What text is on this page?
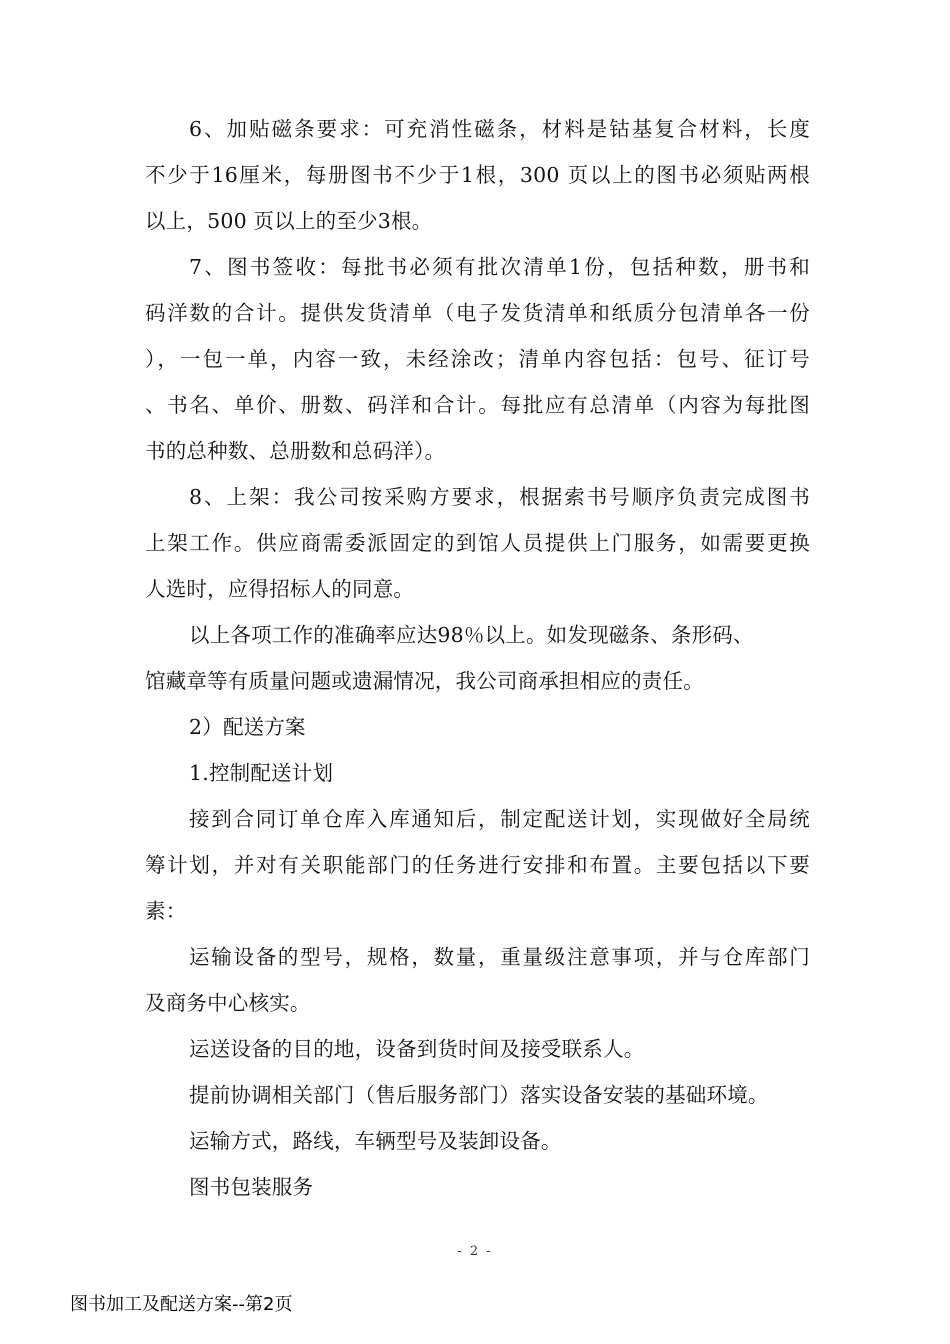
6、加贴磁条要求：可充消性磁条，材料是钴基复合材料，长度
不少于16厘米，每册图书不少于1根，300 页以上的图书必须贴两根
以上，500 页以上的至少3根。
7、图书签收：每批书必须有批次清单1份，包括种数，册书和
码洋数的合计。提供发货清单（电子发货清单和纸质分包清单各一份
），一包一单，内容一致，未经涂改；清单内容包括：包号、征订号
、书名、单价、册数、码洋和合计。每批应有总清单（内容为每批图
书的总种数、总册数和总码洋）。
8、上架：我公司按采购方要求，根据索书号顺序负责完成图书
上架工作。供应商需委派固定的到馆人员提供上门服务，如需要更换
人选时，应得招标人的同意。
以上各项工作的准确率应达98％以上。如发现磁条、条形码、
馆藏章等有质量问题或遗漏情况，我公司商承担相应的责任。
2）配送方案
1.控制配送计划
接到合同订单仓库入库通知后，制定配送计划，实现做好全局统
筹计划，并对有关职能部门的任务进行安排和布置。主要包括以下要
素：
运输设备的型号，规格，数量，重量级注意事项，并与仓库部门
及商务中心核实。
运送设备的目的地，设备到货时间及接受联系人。
提前协调相关部门（售后服务部门）落实设备安装的基础环境。
运输方式，路线，车辆型号及装卸设备。
图书包装服务
- 2 -
图书加工及配送方案--第2页
